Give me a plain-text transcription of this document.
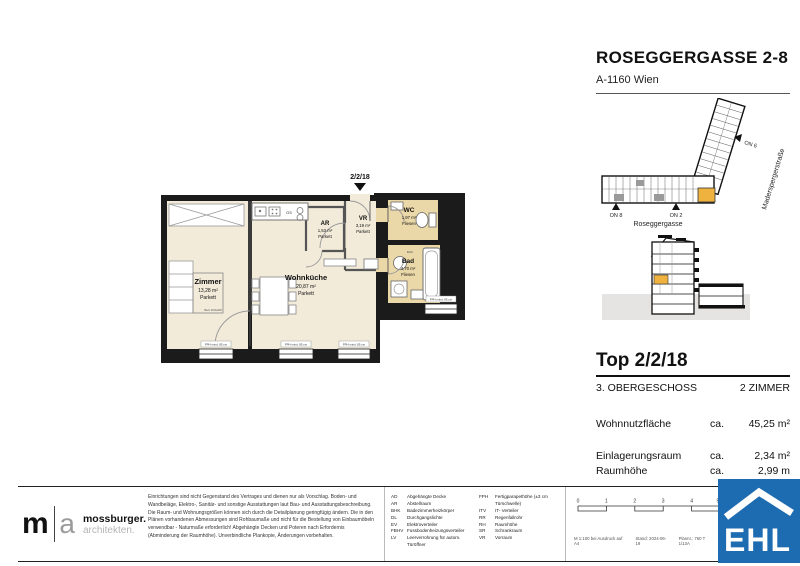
2/2/18
GS
FPH mind. 85 cm	FPH mind. 85 cm	FPH mind. 85 cm
FPH mind. 85 cm
Zimmer
13,28 m²
Parkett
Bett 160x200
Wohnküche
20,87 m²
Parkett
AR
1,53 m²
Parkett
VR
3,19 m²
Parkett
WC
1,97 m²
Fliesen
BHK
Bad
4,70 m²
Fliesen
ROSEGGERGASSE 2-8
A-1160 Wien
ON 8	ON 2
ON 6
Roseggergasse
Maderspergerstraße
Top 2/2/18
3. OBERGESCHOSS	2 ZIMMER
Wohnnutzfläche	ca.	45,25 m²
Einlagerungsraum	ca.	2,34 m²
Raumhöhe	ca.	2,99 m
m a mossburger.
architekten.
Einrichtungen sind nicht Gegenstand des Vertrages und dienen nur als Vorschlag. Boden- und Wandbeläge, Elektro-, Sanitär- und sonstige Ausstattungen laut Bau- und Ausstattungsbeschreibung. Die Raum- und Wohnungsgrößen können sich durch die Detailplanung geringfügig ändern. Die in den Plänen vorhandenen Abmessungen sind Rohbaumaße und nicht für die Bestellung von Einbaumöbeln verwendbar - Naturmaße erforderlich! Abgehängte Decken und Poteren nach Erfordernis (Abminderung der Raumhöhe). Unverbindliche Plankopie, Änderungen vorbehalten.
AD	Abgehängte Decke
AR	Abstellraum
BHK	Badezimmerheizkörper
DL	Durchgangslichte
EV	Elektroverteiler
FBHV Fussbodenheizungsverteiler
LV	Leerverrohrung für autom. Türöffner
FPH	Fertigparapethöhe (±3 cm Türschwelle)
ITV	IT- Verteiler
RR	Regenfallrohr
RH	Raumhöhe
SR	Schrankraum
VR	Vorraum
0	1	2	3	4
M 1:100 bei Ausdruck auf A4
Stand: 2024-06-19
Plannr.: 760 T 1/13A	EHL
